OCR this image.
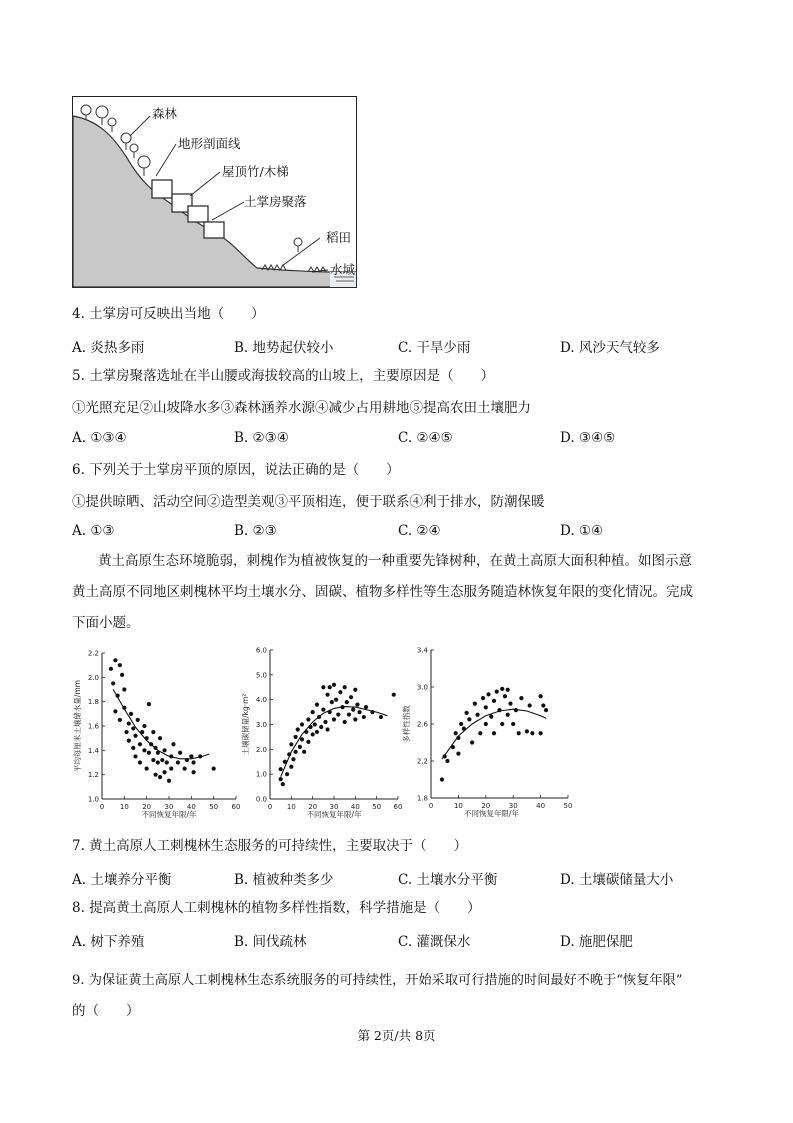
森林
地形剖面线
屋顶竹/木梯
土掌房聚落
稻田
水域
4. 土掌房可反映出当地（　　）
A. 炎热多雨	B. 地势起伏较小	C. 干旱少雨	D. 风沙天气较多
5. 土掌房聚落选址在半山腰或海拔较高的山坡上，主要原因是（　　）
①光照充足②山坡降水多③森林涵养水源④减少占用耕地⑤提高农田土壤肥力
A. ①③④	B. ②③④	C. ②④⑤	D. ③④⑤
6. 下列关于土掌房平顶的原因，说法正确的是（　　）
①提供晾晒、活动空间②造型美观③平顶相连，便于联系④利于排水，防潮保暖
A. ①③	B. ②③	C. ②④	D. ①④
黄土高原生态环境脆弱，刺槐作为植被恢复的一种重要先锋树种，在黄土高原大面积种植。如图示意
黄土高原不同地区刺槐林平均土壤水分、固碳、植物多样性等生态服务随造林恢复年限的变化情况。完成
下面小题。
0 10 20 30 40 50 60
1.0
1.2
1.4
1.6
1.8
2.0
2.2
不同恢复年限/年
平均每厘米土壤储水量/mm
0 10 20 30 40 50 60
0.0
1.0
2.0
3.0
4.0
5.0
6.0
不同恢复年限/年
土壤碳储量/kg·m²
0	10	20	30	40	50
1.8
2.2
2.6
3.0
3.4
不同恢复年限/年
多样性指数
7. 黄土高原人工刺槐林生态服务的可持续性，主要取决于（　　）
A. 土壤养分平衡	B. 植被种类多少	C. 土壤水分平衡	D. 土壤碳储量大小
8. 提高黄土高原人工刺槐林的植物多样性指数，科学措施是（　　）
A. 树下养殖	B. 间伐疏林	C. 灌溉保水	D. 施肥保肥
9. 为保证黄土高原人工刺槐林生态系统服务的可持续性，开始采取可行措施的时间最好不晚于“恢复年限”
的（　　）
第 2页/共 8页
